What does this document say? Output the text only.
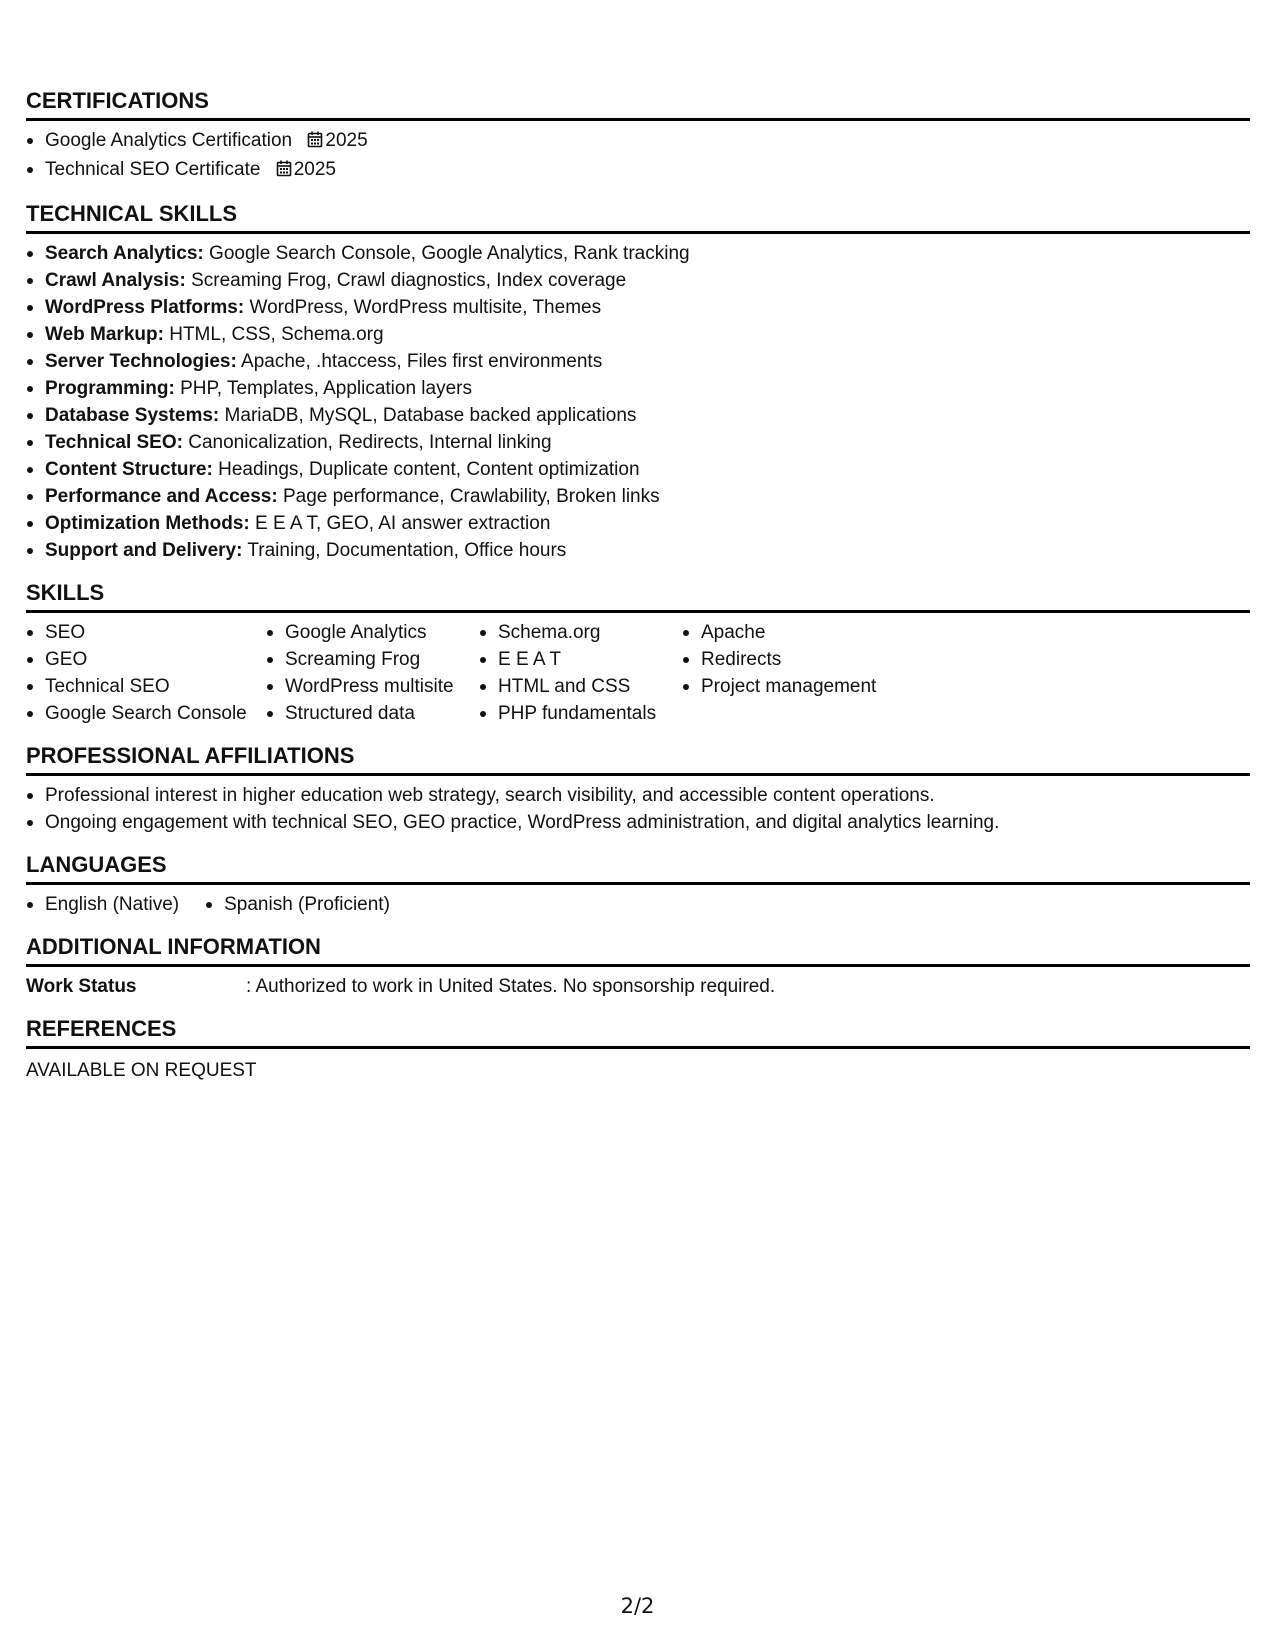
CERTIFICATIONS
Google Analytics Certification 2025
Technical SEO Certificate 2025
TECHNICAL SKILLS
Search Analytics: Google Search Console, Google Analytics, Rank tracking
Crawl Analysis: Screaming Frog, Crawl diagnostics, Index coverage
WordPress Platforms: WordPress, WordPress multisite, Themes
Web Markup: HTML, CSS, Schema.org
Server Technologies: Apache, .htaccess, Files first environments
Programming: PHP, Templates, Application layers
Database Systems: MariaDB, MySQL, Database backed applications
Technical SEO: Canonicalization, Redirects, Internal linking
Content Structure: Headings, Duplicate content, Content optimization
Performance and Access: Page performance, Crawlability, Broken links
Optimization Methods: E E A T, GEO, AI answer extraction
Support and Delivery: Training, Documentation, Office hours
SKILLS
SEO
GEO
Technical SEO
Google Search Console
Google Analytics
Screaming Frog
WordPress multisite
Structured data
Schema.org
E E A T
HTML and CSS
PHP fundamentals
Apache
Redirects
Project management
PROFESSIONAL AFFILIATIONS
Professional interest in higher education web strategy, search visibility, and accessible content operations.
Ongoing engagement with technical SEO, GEO practice, WordPress administration, and digital analytics learning.
LANGUAGES
English (Native)	Spanish (Proficient)
ADDITIONAL INFORMATION
Work Status	: Authorized to work in United States. No sponsorship required.
REFERENCES
AVAILABLE ON REQUEST
2/2
